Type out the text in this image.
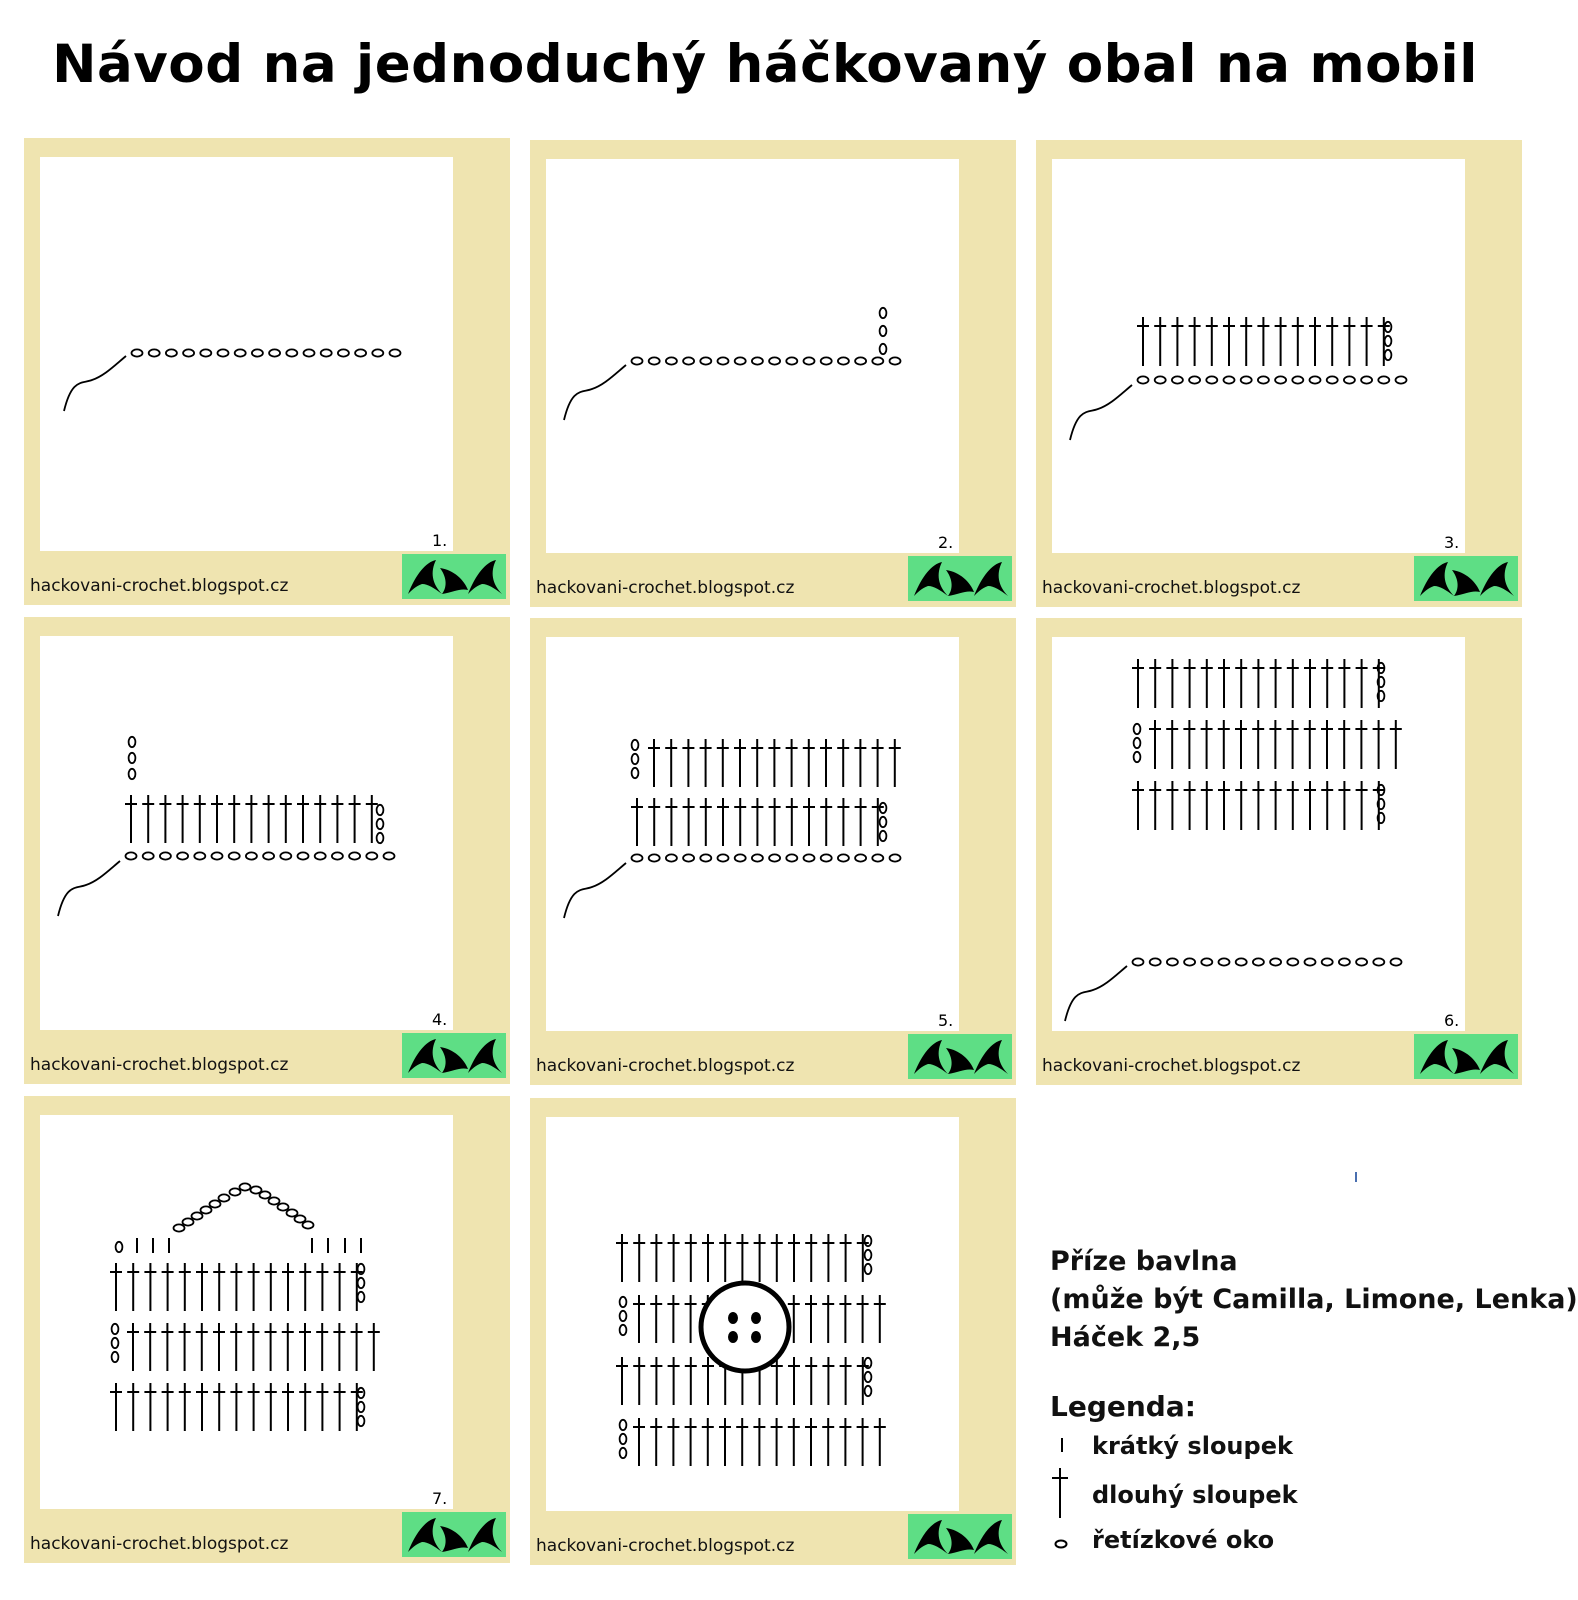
Návod na jednoduchý háčkovaný obal na mobil
1.
hackovani-crochet.blogspot.cz
2.
hackovani-crochet.blogspot.cz
3.
hackovani-crochet.blogspot.cz
4.
hackovani-crochet.blogspot.cz
5.
hackovani-crochet.blogspot.cz
6.
hackovani-crochet.blogspot.cz
7.
hackovani-crochet.blogspot.cz	hackovani-crochet.blogspot.cz
Příze bavlna
(může být Camilla, Limone, Lenka)
Háček 2,5
Legenda:
krátký sloupek
dlouhý sloupek
řetízkové oko
